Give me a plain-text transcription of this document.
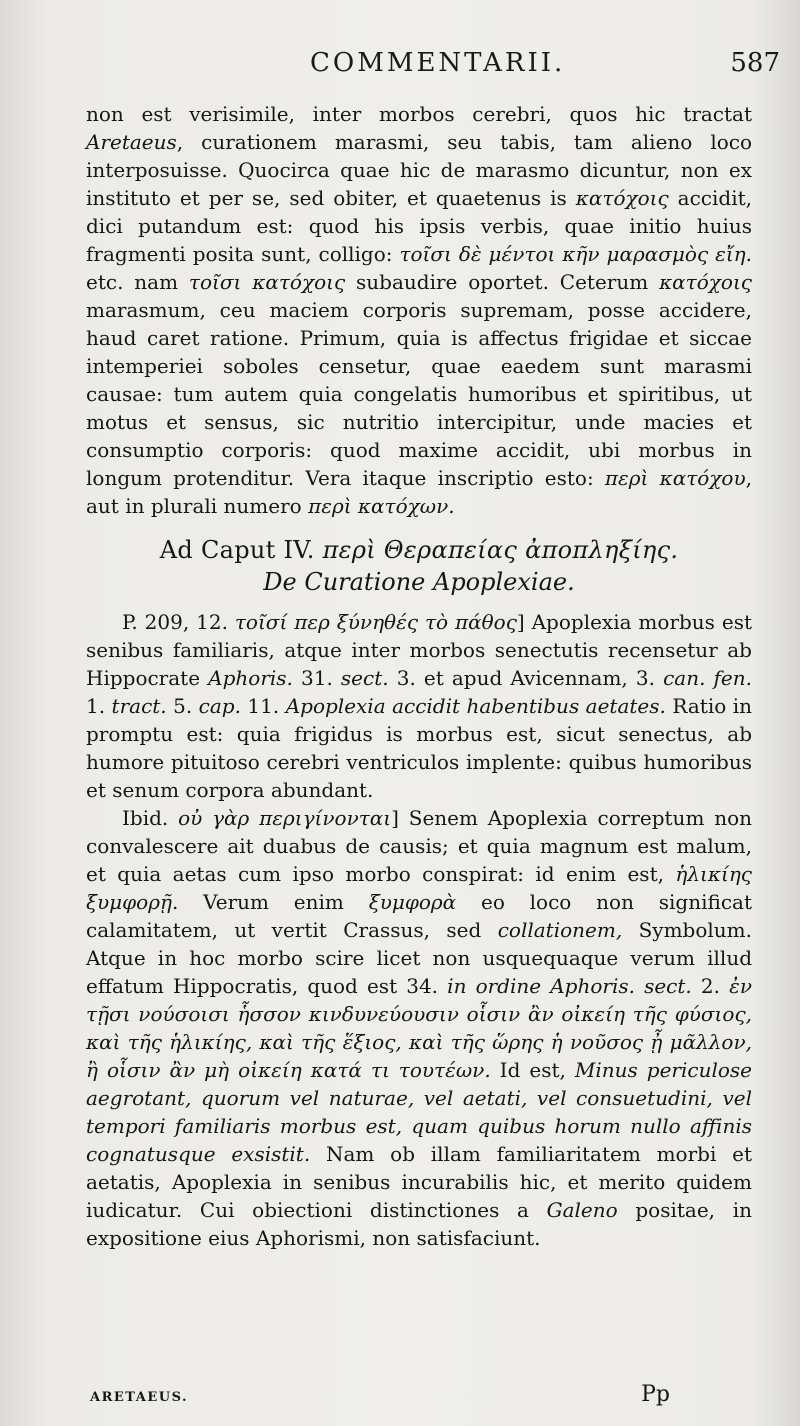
COMMENTARII.	587

non est verisimile, inter morbos cerebri, quos hic tractat Aretaeus, curationem marasmi, seu tabis, tam alieno loco interposuisse. Quocirca quae hic de marasmo dicuntur, non ex instituto et per se, sed obiter, et quaetenus is κατόχοις accidit, dici putandum est: quod his ipsis verbis, quae initio huius fragmenti posita sunt, colligo: τοῖσι δὲ μέντοι κῆν μαρασμὸς εἴη. etc. nam τοῖσι κατόχοις subaudire oportet. Ceterum κατόχοις marasmum, ceu maciem corporis supremam, posse accidere, haud caret ratione. Primum, quia is affectus frigidae et siccae intemperiei soboles censetur, quae eaedem sunt marasmi causae: tum autem quia congelatis humoribus et spiritibus, ut motus et sensus, sic nutritio intercipitur, unde macies et consumptio corporis: quod maxime accidit, ubi morbus in longum protenditur. Vera itaque inscriptio esto: περὶ κατόχου, aut in plurali numero περὶ κατόχων.

Ad Caput IV. περὶ Θεραπείας ἀποπληξίης.
De Curatione Apoplexiae.

P. 209, 12. τοῖσί περ ξύνηθές τὸ πάθος] Apoplexia morbus est senibus familiaris, atque inter morbos senectutis recensetur ab Hippocrate Aphoris. 31. sect. 3. et apud Avicennam, 3. can. fen. 1. tract. 5. cap. 11. Apoplexia accidit habentibus aetates. Ratio in promptu est: quia frigidus is morbus est, sicut senectus, ab humore pituitoso cerebri ventriculos implente: quibus humoribus et senum corpora abundant.

Ibid. οὐ γὰρ περιγίνονται] Senem Apoplexia correptum non convalescere ait duabus de causis; et quia magnum est malum, et quia aetas cum ipso morbo conspirat: id enim est, ἡλικίης ξυμφορῇ. Verum enim ξυμφορὰ eo loco non significat calamitatem, ut vertit Crassus, sed collationem, Symbolum. Atque in hoc morbo scire licet non usquequaque verum illud effatum Hippocratis, quod est 34. in ordine Aphoris. sect. 2. ἐν τῇσι νούσοισι ἧσσον κινδυνεύουσιν οἷσιν ἂν οἰκείη τῆς φύσιος, καὶ τῆς ἡλικίης, καὶ τῆς ἕξιος, καὶ τῆς ὥρης ἡ νοῦσος ᾖ μᾶλλον, ἢ οἷσιν ἂν μὴ οἰκείη κατά τι τουτέων. Id est, Minus periculose aegrotant, quorum vel naturae, vel aetati, vel consuetudini, vel tempori familiaris morbus est, quam quibus horum nullo affinis cognatusque exsistit. Nam ob illam familiaritatem morbi et aetatis, Apoplexia in senibus incurabilis hic, et merito quidem iudicatur. Cui obiectioni distinctiones a Galeno positae, in expositione eius Aphorismi, non satisfaciunt.

ARETAEUS.	Pp
